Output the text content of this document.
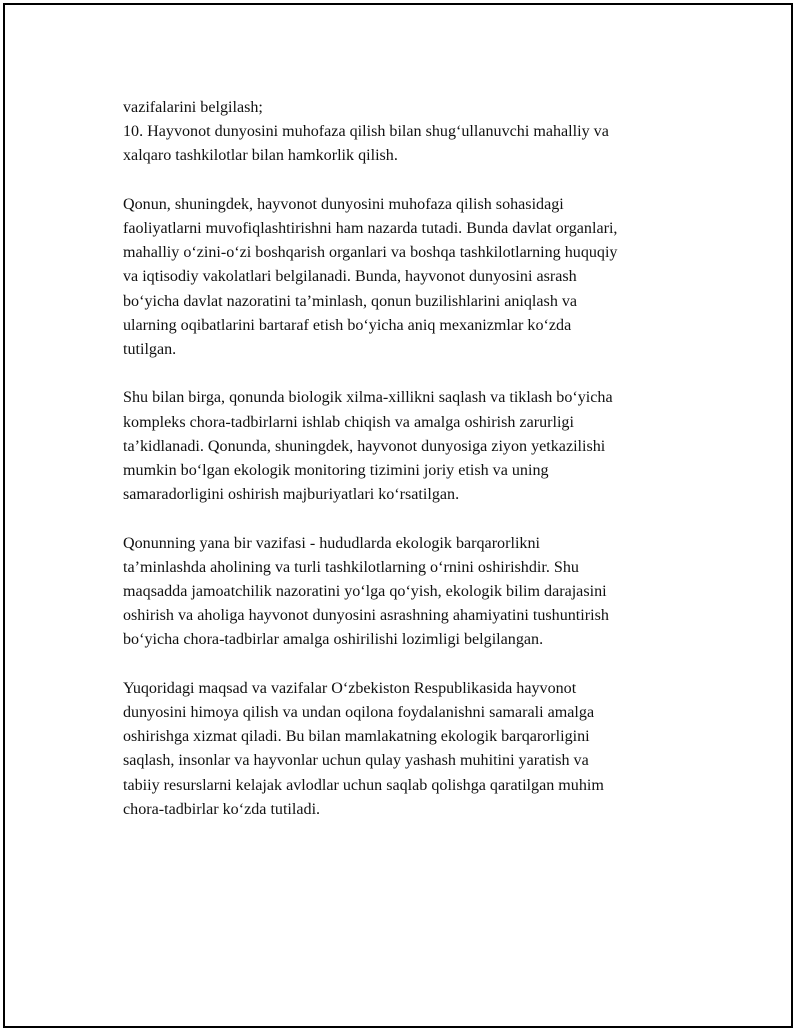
vazifalarini belgilash;
10. Hayvonot dunyosini muhofaza qilish bilan shug‘ullanuvchi mahalliy va
xalqaro tashkilotlar bilan hamkorlik qilish.

Qonun, shuningdek, hayvonot dunyosini muhofaza qilish sohasidagi
faoliyatlarni muvofiqlashtirishni ham nazarda tutadi. Bunda davlat organlari,
mahalliy o‘zini-o‘zi boshqarish organlari va boshqa tashkilotlarning huquqiy
va iqtisodiy vakolatlari belgilanadi. Bunda, hayvonot dunyosini asrash
bo‘yicha davlat nazoratini ta’minlash, qonun buzilishlarini aniqlash va
ularning oqibatlarini bartaraf etish bo‘yicha aniq mexanizmlar ko‘zda
tutilgan.

Shu bilan birga, qonunda biologik xilma-xillikni saqlash va tiklash bo‘yicha
kompleks chora-tadbirlarni ishlab chiqish va amalga oshirish zarurligi
ta’kidlanadi. Qonunda, shuningdek, hayvonot dunyosiga ziyon yetkazilishi
mumkin bo‘lgan ekologik monitoring tizimini joriy etish va uning
samaradorligini oshirish majburiyatlari ko‘rsatilgan.

Qonunning yana bir vazifasi - hududlarda ekologik barqarorlikni
ta’minlashda aholining va turli tashkilotlarning o‘rnini oshirishdir. Shu
maqsadda jamoatchilik nazoratini yo‘lga qo‘yish, ekologik bilim darajasini
oshirish va aholiga hayvonot dunyosini asrashning ahamiyatini tushuntirish
bo‘yicha chora-tadbirlar amalga oshirilishi lozimligi belgilangan.

Yuqoridagi maqsad va vazifalar O‘zbekiston Respublikasida hayvonot
dunyosini himoya qilish va undan oqilona foydalanishni samarali amalga
oshirishga xizmat qiladi. Bu bilan mamlakatning ekologik barqarorligini
saqlash, insonlar va hayvonlar uchun qulay yashash muhitini yaratish va
tabiiy resurslarni kelajak avlodlar uchun saqlab qolishga qaratilgan muhim
chora-tadbirlar ko‘zda tutiladi.
